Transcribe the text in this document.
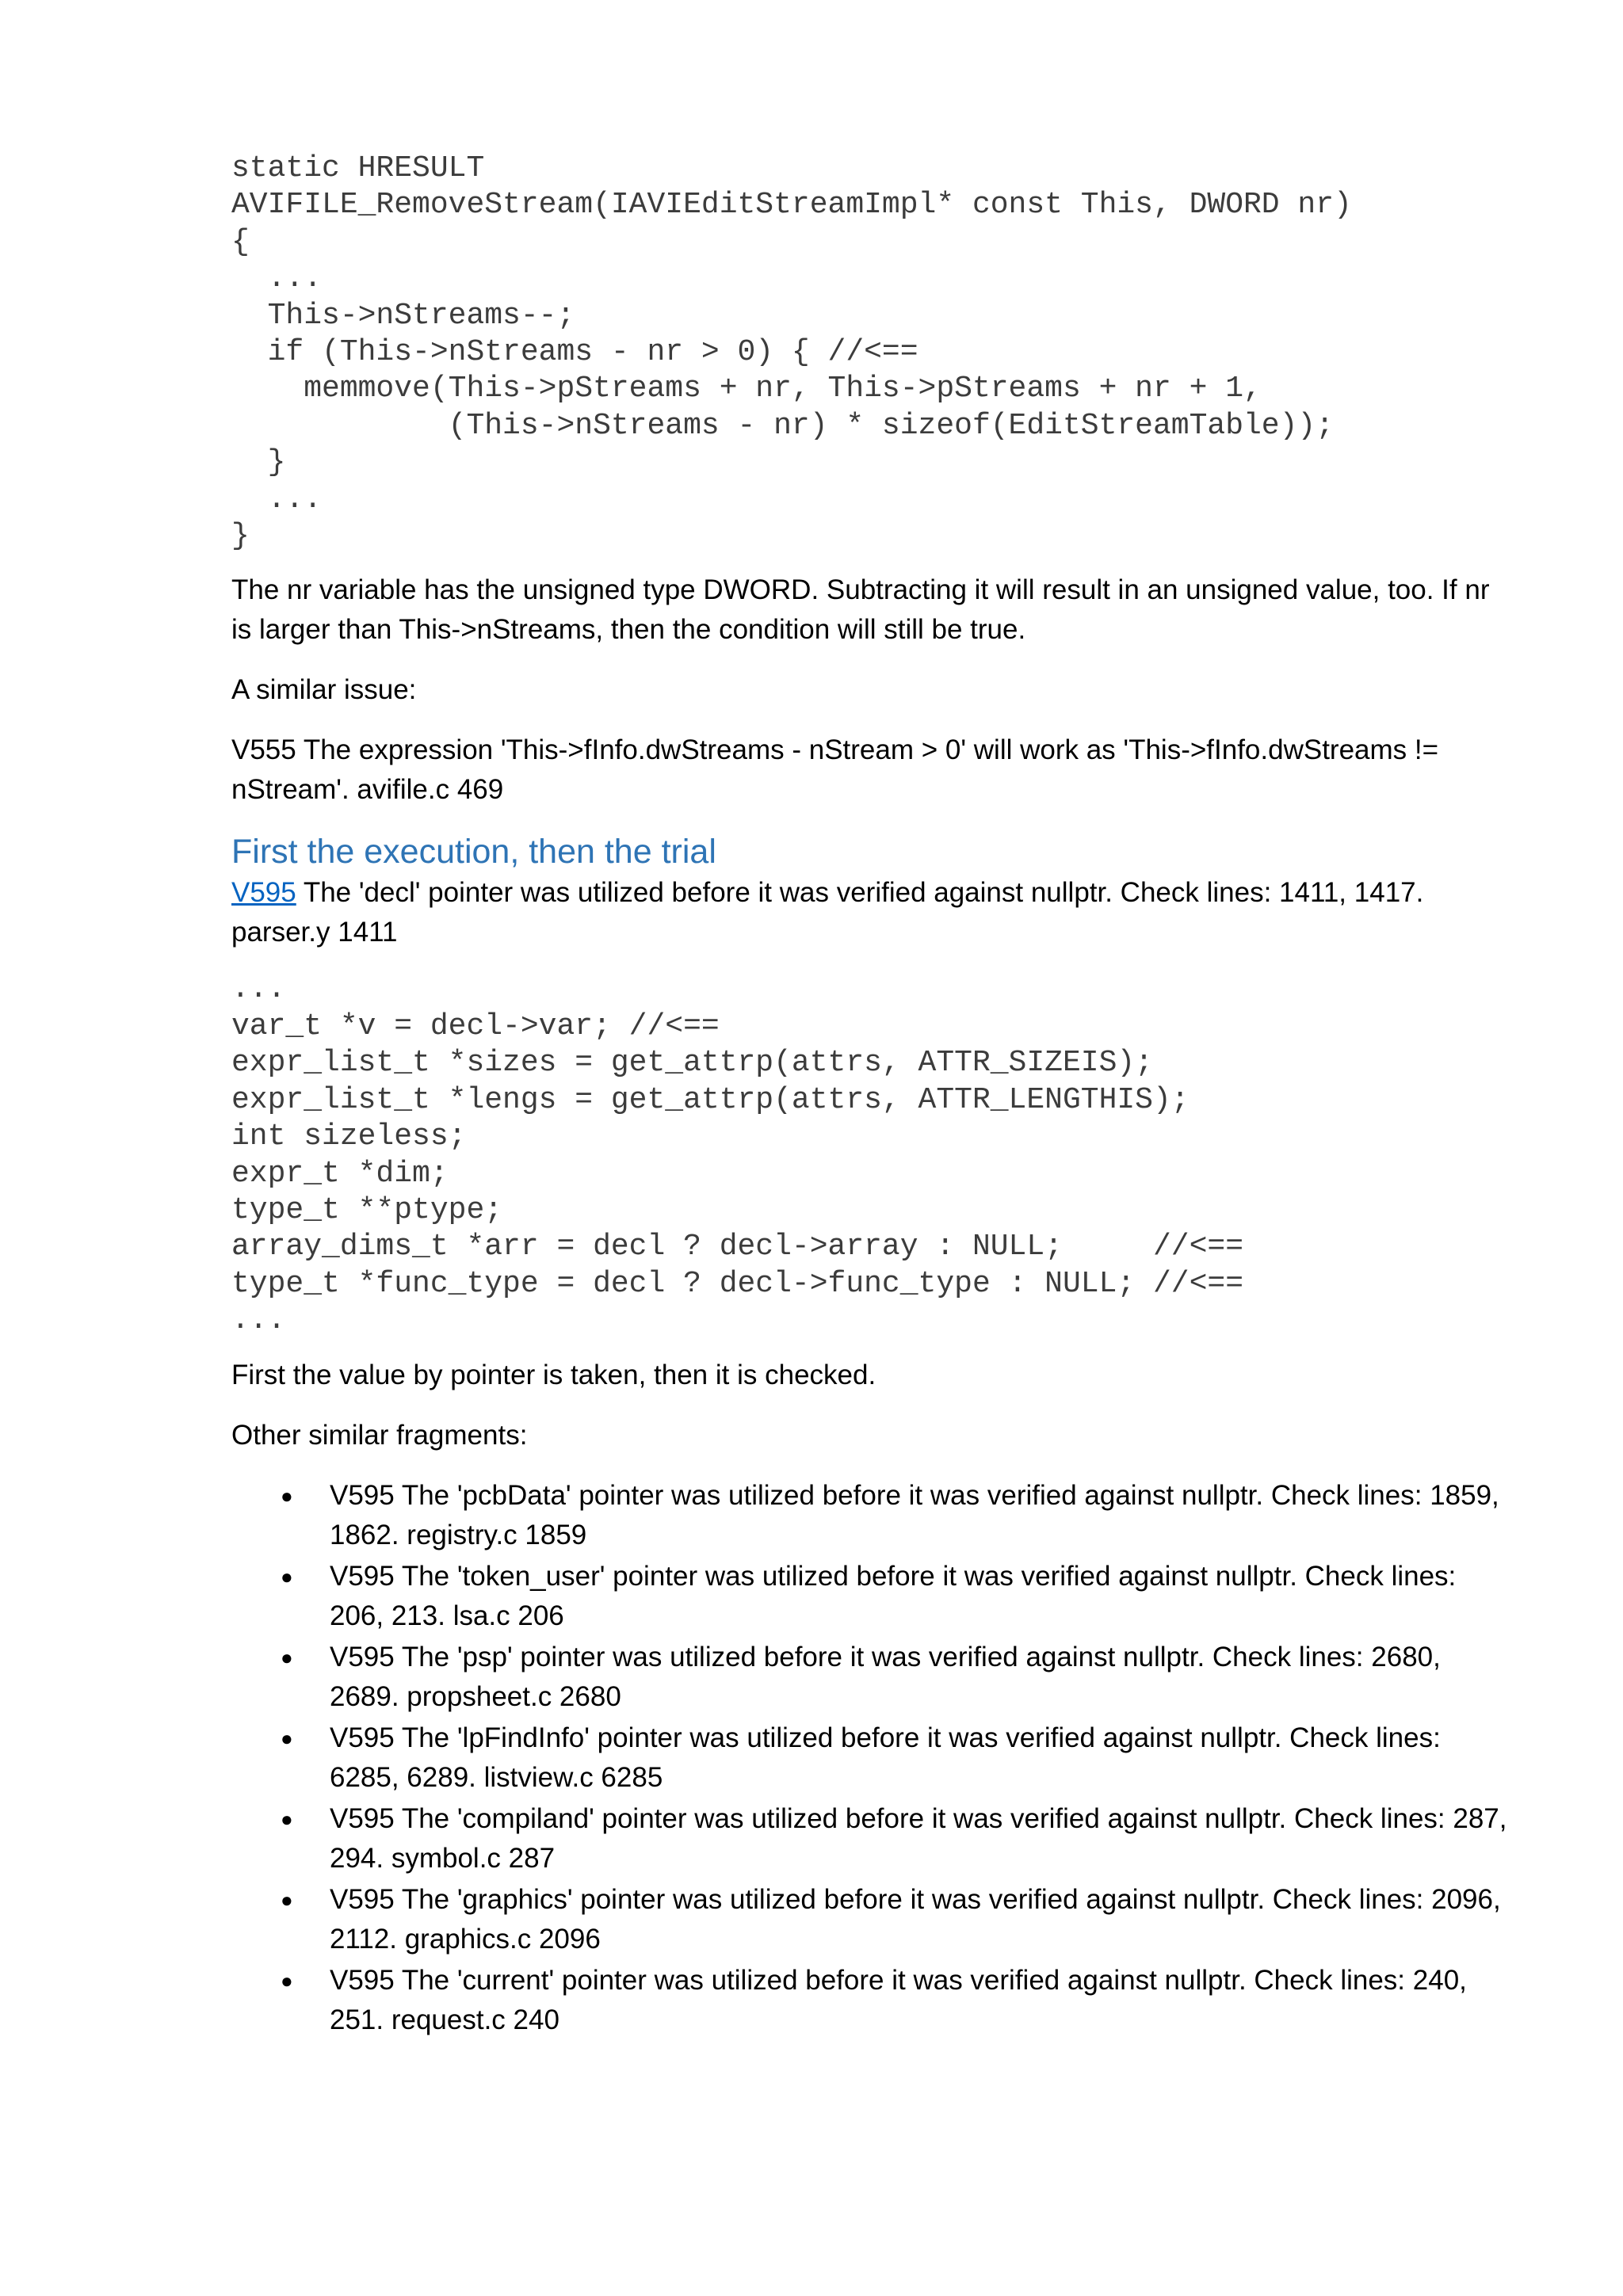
static HRESULT
AVIFILE_RemoveStream(IAVIEditStreamImpl* const This, DWORD nr)
{
...
This->nStreams--;
if (This->nStreams - nr > 0) { //<==
memmove(This->pStreams + nr, This->pStreams + nr + 1,
(This->nStreams - nr) * sizeof(EditStreamTable));
}
...
}

The nr variable has the unsigned type DWORD. Subtracting it will result in an unsigned value, too. If nr is larger than This->nStreams, then the condition will still be true.

A similar issue:

V555 The expression 'This->fInfo.dwStreams - nStream > 0' will work as 'This->fInfo.dwStreams != nStream'. avifile.c 469

First the execution, then the trial

V595 The 'decl' pointer was utilized before it was verified against nullptr. Check lines: 1411, 1417. parser.y 1411

...
var_t *v = decl->var; //<==
expr_list_t *sizes = get_attrp(attrs, ATTR_SIZEIS);
expr_list_t *lengs = get_attrp(attrs, ATTR_LENGTHIS);
int sizeless;
expr_t *dim;
type_t **ptype;
array_dims_t *arr = decl ? decl->array : NULL;     //<==
type_t *func_type = decl ? decl->func_type : NULL; //<==
...

First the value by pointer is taken, then it is checked.

Other similar fragments:

● V595 The 'pcbData' pointer was utilized before it was verified against nullptr. Check lines: 1859, 1862. registry.c 1859
● V595 The 'token_user' pointer was utilized before it was verified against nullptr. Check lines: 206, 213. lsa.c 206
● V595 The 'psp' pointer was utilized before it was verified against nullptr. Check lines: 2680, 2689. propsheet.c 2680
● V595 The 'lpFindInfo' pointer was utilized before it was verified against nullptr. Check lines: 6285, 6289. listview.c 6285
● V595 The 'compiland' pointer was utilized before it was verified against nullptr. Check lines: 287, 294. symbol.c 287
● V595 The 'graphics' pointer was utilized before it was verified against nullptr. Check lines: 2096, 2112. graphics.c 2096
● V595 The 'current' pointer was utilized before it was verified against nullptr. Check lines: 240, 251. request.c 240
